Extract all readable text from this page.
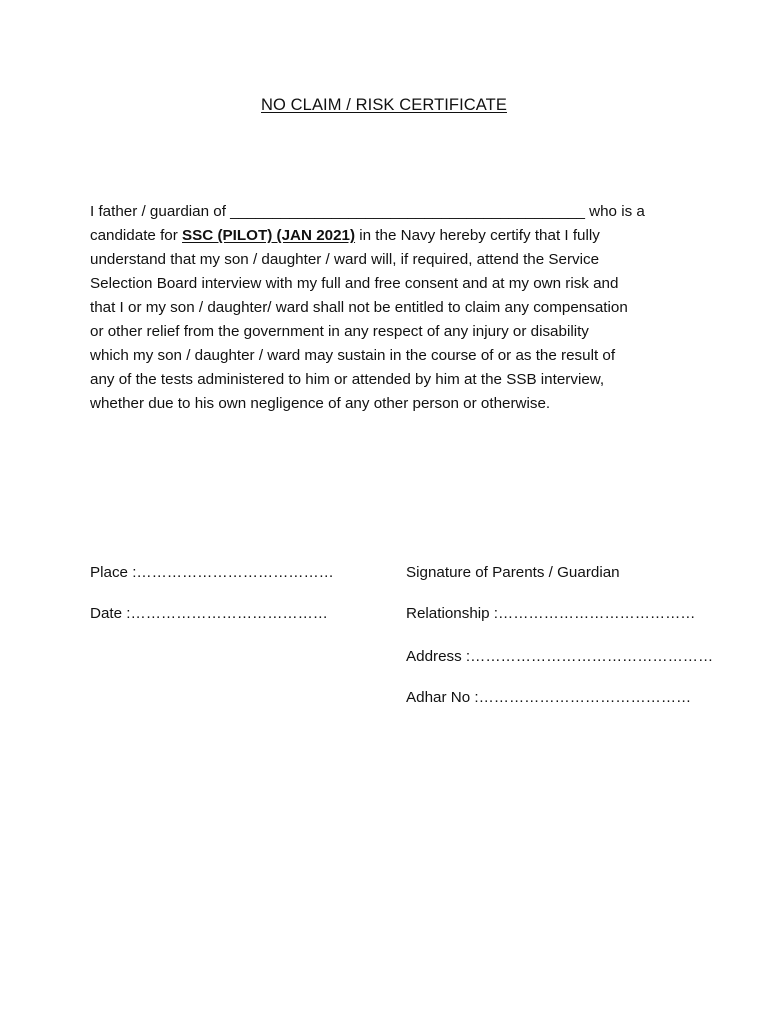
NO CLAIM / RISK CERTIFICATE
I father / guardian of __________________________________________ who is a
candidate for SSC (PILOT) (JAN 2021) in the Navy hereby certify that I fully
understand that my son / daughter / ward will, if required, attend the Service
Selection Board interview with my full and free consent and at my own risk and
that I or my son / daughter/ ward shall not be entitled to claim any compensation
or other relief from the government in any respect of any injury or disability
which my son / daughter / ward may sustain in the course of or as the result of
any of the tests administered to him or attended by him at the SSB interview,
whether due to his own negligence of any other person or otherwise.
Place :…………………………………
Date :…………………………………
Signature of Parents / Guardian
Relationship :…………………………………
Address :…………………………………………
Adhar No :……………………………………
